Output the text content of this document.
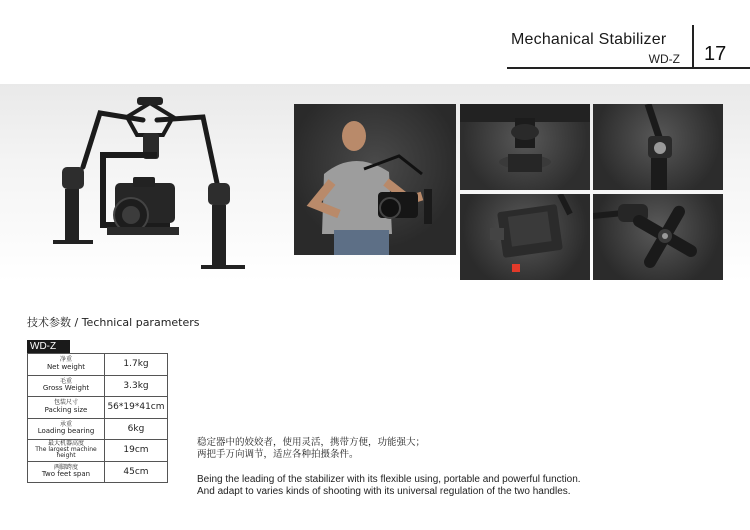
Mechanical Stabilizer
WD-Z 17
技术参数 / Technical parameters
WD-Z
净重
Net weight	1.7kg

毛重
Gross Weight	3.3kg

包装尺寸
Packing size	56*19*41cm

承重
Loading bearing	6kg

最大机器高度
The largest machine height	19cm

两脚跨度
Two feet span	45cm
稳定器中的姣姣者，使用灵活，携带方便，功能强大；
两把手万向调节，适应各种拍摄条件。
Being the leading of the stabilizer with its flexible using, portable and powerful function.
And adapt to varies kinds of shooting with its universal regulation of the two handles.
